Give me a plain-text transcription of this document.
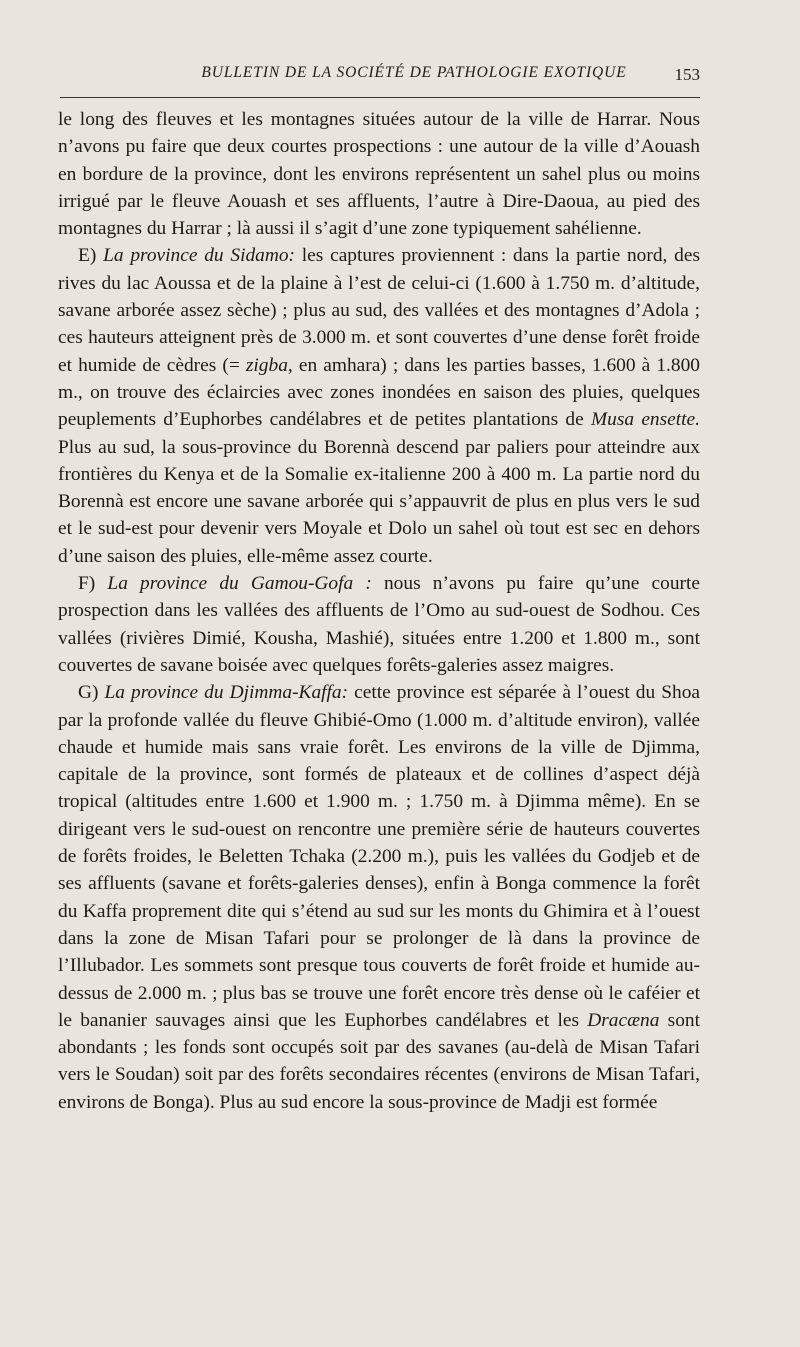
BULLETIN DE LA SOCIÉTÉ DE PATHOLOGIE EXOTIQUE	153

le long des fleuves et les montagnes situées autour de la ville de Harrar. Nous n’avons pu faire que deux courtes prospections : une autour de la ville d’Aouash en bordure de la province, dont les environs représentent un sahel plus ou moins irrigué par le fleuve Aouash et ses affluents, l’autre à Dire-Daoua, au pied des montagnes du Harrar ; là aussi il s’agit d’une zone typiquement sahélienne.

E) La province du Sidamo: les captures proviennent : dans la partie nord, des rives du lac Aoussa et de la plaine à l’est de celui-ci (1.600 à 1.750 m. d’altitude, savane arborée assez sèche) ; plus au sud, des vallées et des montagnes d’Adola ; ces hauteurs atteignent près de 3.000 m. et sont couvertes d’une dense forêt froide et humide de cèdres (= zigba, en amhara) ; dans les parties basses, 1.600 à 1.800 m., on trouve des éclaircies avec zones inondées en saison des pluies, quelques peuplements d’Euphorbes candélabres et de petites plantations de Musa ensette. Plus au sud, la sous-province du Borennà descend par paliers pour atteindre aux frontières du Kenya et de la Somalie ex-italienne 200 à 400 m. La partie nord du Borennà est encore une savane arborée qui s’appauvrit de plus en plus vers le sud et le sud-est pour devenir vers Moyale et Dolo un sahel où tout est sec en dehors d’une saison des pluies, elle-même assez courte.

F) La province du Gamou-Gofa : nous n’avons pu faire qu’une courte prospection dans les vallées des affluents de l’Omo au sud-ouest de Sodhou. Ces vallées (rivières Dimié, Kousha, Mashié), situées entre 1.200 et 1.800 m., sont couvertes de savane boisée avec quelques forêts-galeries assez maigres.

G) La province du Djimma-Kaffa: cette province est séparée à l’ouest du Shoa par la profonde vallée du fleuve Ghibié-Omo (1.000 m. d’altitude environ), vallée chaude et humide mais sans vraie forêt. Les environs de la ville de Djimma, capitale de la province, sont formés de plateaux et de collines d’aspect déjà tropical (altitudes entre 1.600 et 1.900 m. ; 1.750 m. à Djimma même). En se dirigeant vers le sud-ouest on rencontre une première série de hauteurs couvertes de forêts froides, le Beletten Tchaka (2.200 m.), puis les vallées du Godjeb et de ses affluents (savane et forêts-galeries denses), enfin à Bonga commence la forêt du Kaffa proprement dite qui s’étend au sud sur les monts du Ghimira et à l’ouest dans la zone de Misan Tafari pour se prolonger de là dans la province de l’Illubador. Les sommets sont presque tous couverts de forêt froide et humide au-dessus de 2.000 m. ; plus bas se trouve une forêt encore très dense où le caféier et le bananier sauvages ainsi que les Euphorbes candélabres et les Dracæna sont abondants ; les fonds sont occupés soit par des savanes (au-delà de Misan Tafari vers le Soudan) soit par des forêts secondaires récentes (environs de Misan Tafari, environs de Bonga). Plus au sud encore la sous-province de Madji est formée
